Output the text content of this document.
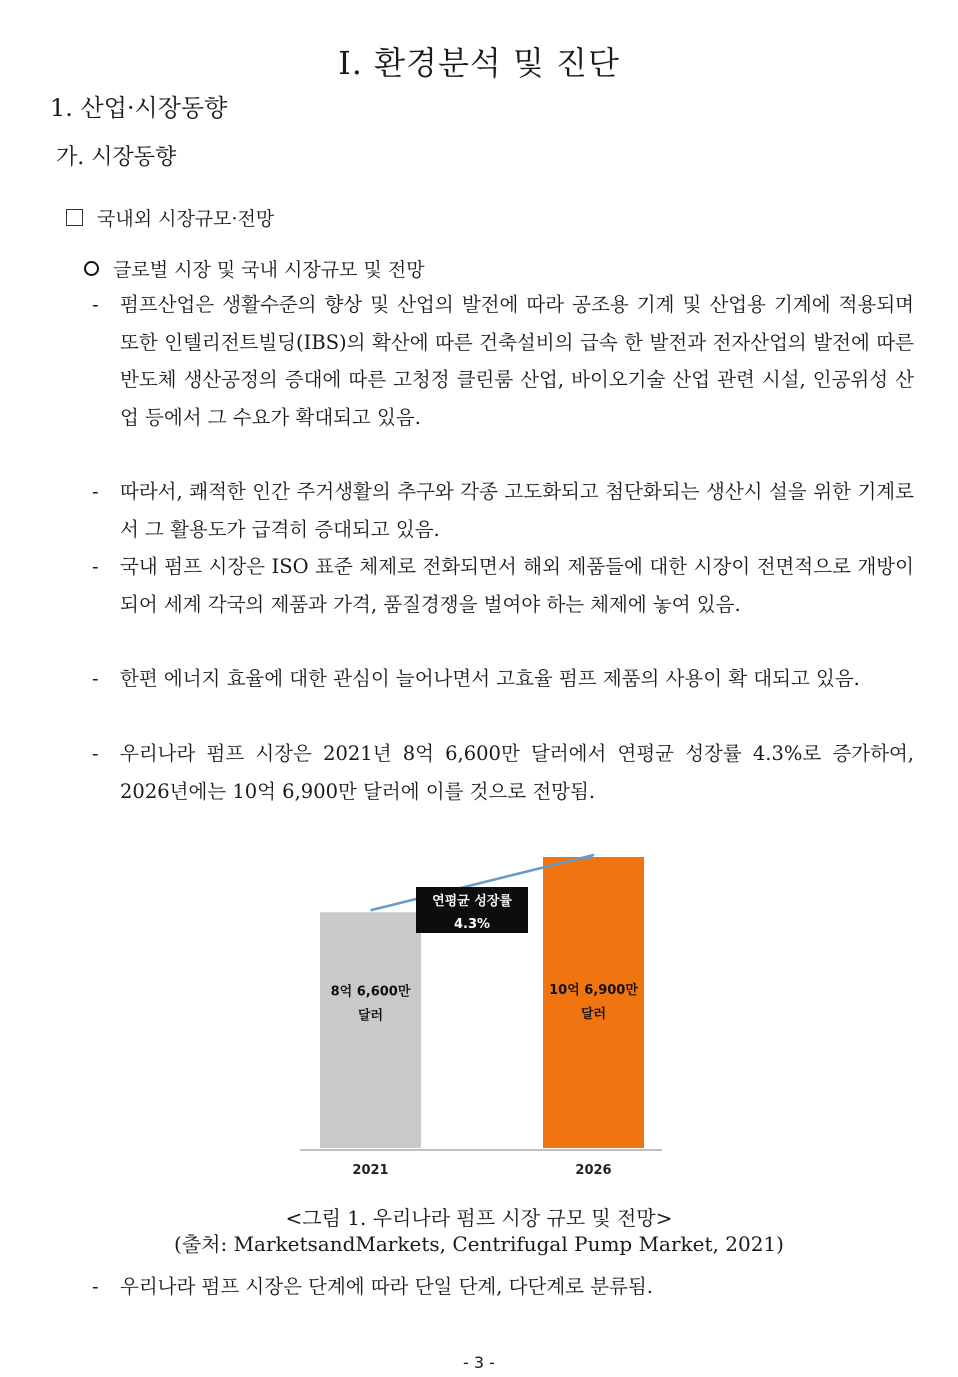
I. 환경분석 및 진단
1. 산업·시장동향
가. 시장동향
국내외 시장규모·전망
글로벌 시장 및 국내 시장규모 및 전망
- 펌프산업은 생활수준의 향상 및 산업의 발전에 따라 공조용 기계 및 산업용 기계에 적용되며 또한 인텔리전트빌딩(IBS)의 확산에 따른 건축설비의 급속 한 발전과 전자산업의 발전에 따른 반도체 생산공정의 증대에 따른 고청정 클린룸 산업, 바이오기술 산업 관련 시설, 인공위성 산업 등에서 그 수요가 확대되고 있음.
- 따라서, 쾌적한 인간 주거생활의 추구와 각종 고도화되고 첨단화되는 생산시 설을 위한 기계로서 그 활용도가 급격히 증대되고 있음.
- 국내 펌프 시장은 ISO 표준 체제로 전화되면서 해외 제품들에 대한 시장이 전면적으로 개방이 되어 세계 각국의 제품과 가격, 품질경쟁을 벌여야 하는 체제에 놓여 있음.
- 한편 에너지 효율에 대한 관심이 늘어나면서 고효율 펌프 제품의 사용이 확 대되고 있음.
- 우리나라 펌프 시장은 2021년 8억 6,600만 달러에서 연평균 성장률 4.3%로 증가하여, 2026년에는 10억 6,900만 달러에 이를 것으로 전망됨.
8억 6,600만
달러
2021
10억 6,900만
달러
2026
연평균 성장률
4.3%
<그림 1. 우리나라 펌프 시장 규모 및 전망>
(출처: MarketsandMarkets, Centrifugal Pump Market, 2021)
- 우리나라 펌프 시장은 단계에 따라 단일 단계, 다단계로 분류됨.
- 3 -
